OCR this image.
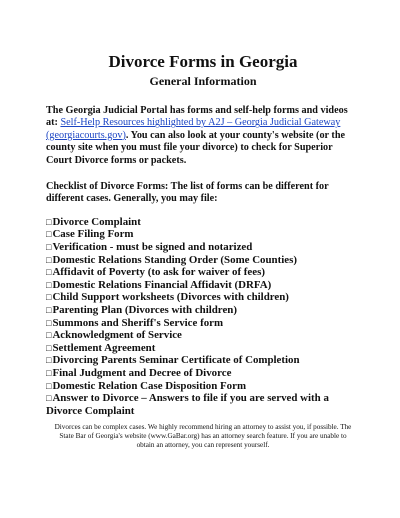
Divorce Forms in Georgia
General Information

The Georgia Judicial Portal has forms and self-help forms and videos at: Self-Help Resources highlighted by A2J – Georgia Judicial Gateway (georgiacourts.gov). You can also look at your county's website (or the county site when you must file your divorce) to check for Superior Court Divorce forms or packets.

Checklist of Divorce Forms: The list of forms can be different for different cases. Generally, you may file:

□Divorce Complaint
□Case Filing Form
□Verification - must be signed and notarized
□Domestic Relations Standing Order (Some Counties)
□Affidavit of Poverty (to ask for waiver of fees)
□Domestic Relations Financial Affidavit (DRFA)
□Child Support worksheets (Divorces with children)
□Parenting Plan (Divorces with children)
□Summons and Sheriff's Service form
□Acknowledgment of Service
□Settlement Agreement
□Divorcing Parents Seminar Certificate of Completion
□Final Judgment and Decree of Divorce
□Domestic Relation Case Disposition Form
□Answer to Divorce – Answers to file if you are served with a Divorce Complaint

Divorces can be complex cases. We highly recommend hiring an attorney to assist you, if possible. The State Bar of Georgia's website (www.GaBar.org) has an attorney search feature. If you are unable to obtain an attorney, you can represent yourself.
